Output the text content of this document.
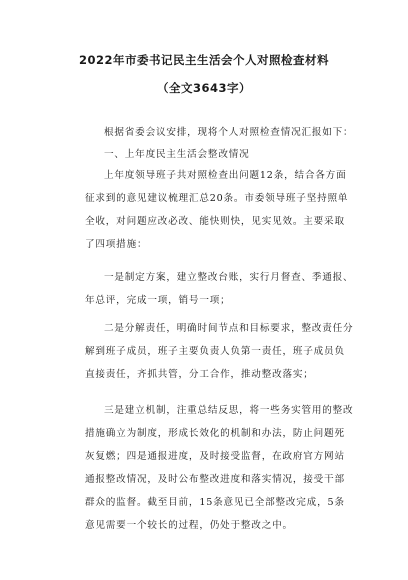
2022年市委书记民主生活会个人对照检查材料
（全文3643字）

根据省委会议安排，现将个人对照检查情况汇报如下：

一、上年度民主生活会整改情况

上年度领导班子共对照检查出问题12条，结合各方面征求到的意见建议梳理汇总20条。市委领导班子坚持照单全收，对问题应改必改、能快则快，见实见效。主要采取了四项措施：

一是制定方案，建立整改台账，实行月督查、季通报、年总评，完成一项，销号一项；

二是分解责任，明确时间节点和目标要求，整改责任分解到班子成员，班子主要负责人负第一责任，班子成员负直接责任，齐抓共管，分工合作，推动整改落实；

三是建立机制，注重总结反思，将一些务实管用的整改措施确立为制度，形成长效化的机制和办法，防止问题死灰复燃；四是通报进度，及时接受监督，在政府官方网站通报整改情况，及时公布整改进度和落实情况，接受干部群众的监督。截至目前，15条意见已全部整改完成，5条意见需要一个较长的过程，仍处于整改之中。
